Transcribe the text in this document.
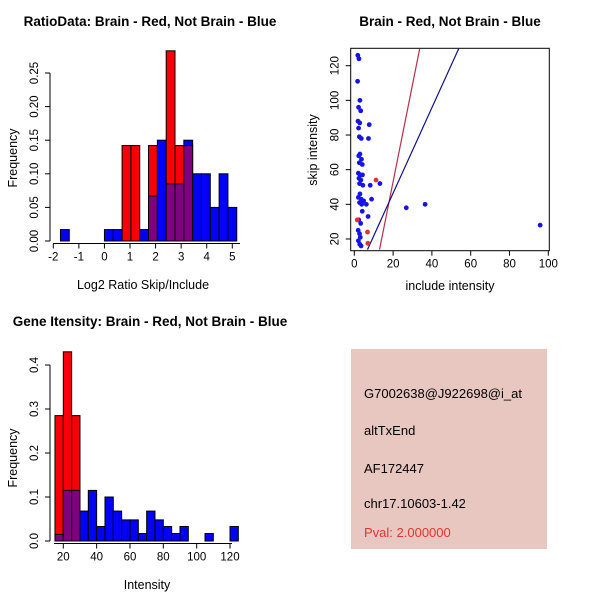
RatioData: Brain - Red, Not Brain - Blue
-2 -1 0 1 2 3 4 5
0.00
0.05
0.10
0.15
0.20
0.25
Log2 Ratio Skip/Include
Frequency
Brain - Red, Not Brain - Blue
0	20 40 60 80 100
20
40
60
80
100
120
include intensity
skip intensity
Gene Itensity: Brain - Red, Not Brain - Blue
20 40 60 80 100 120
0.0
0.1
0.2
0.3
0.4
Intensity
Frequency
G7002638@J922698@i_at
altTxEnd
AF172447
chr17.10603-1.42
Pval: 2.000000
